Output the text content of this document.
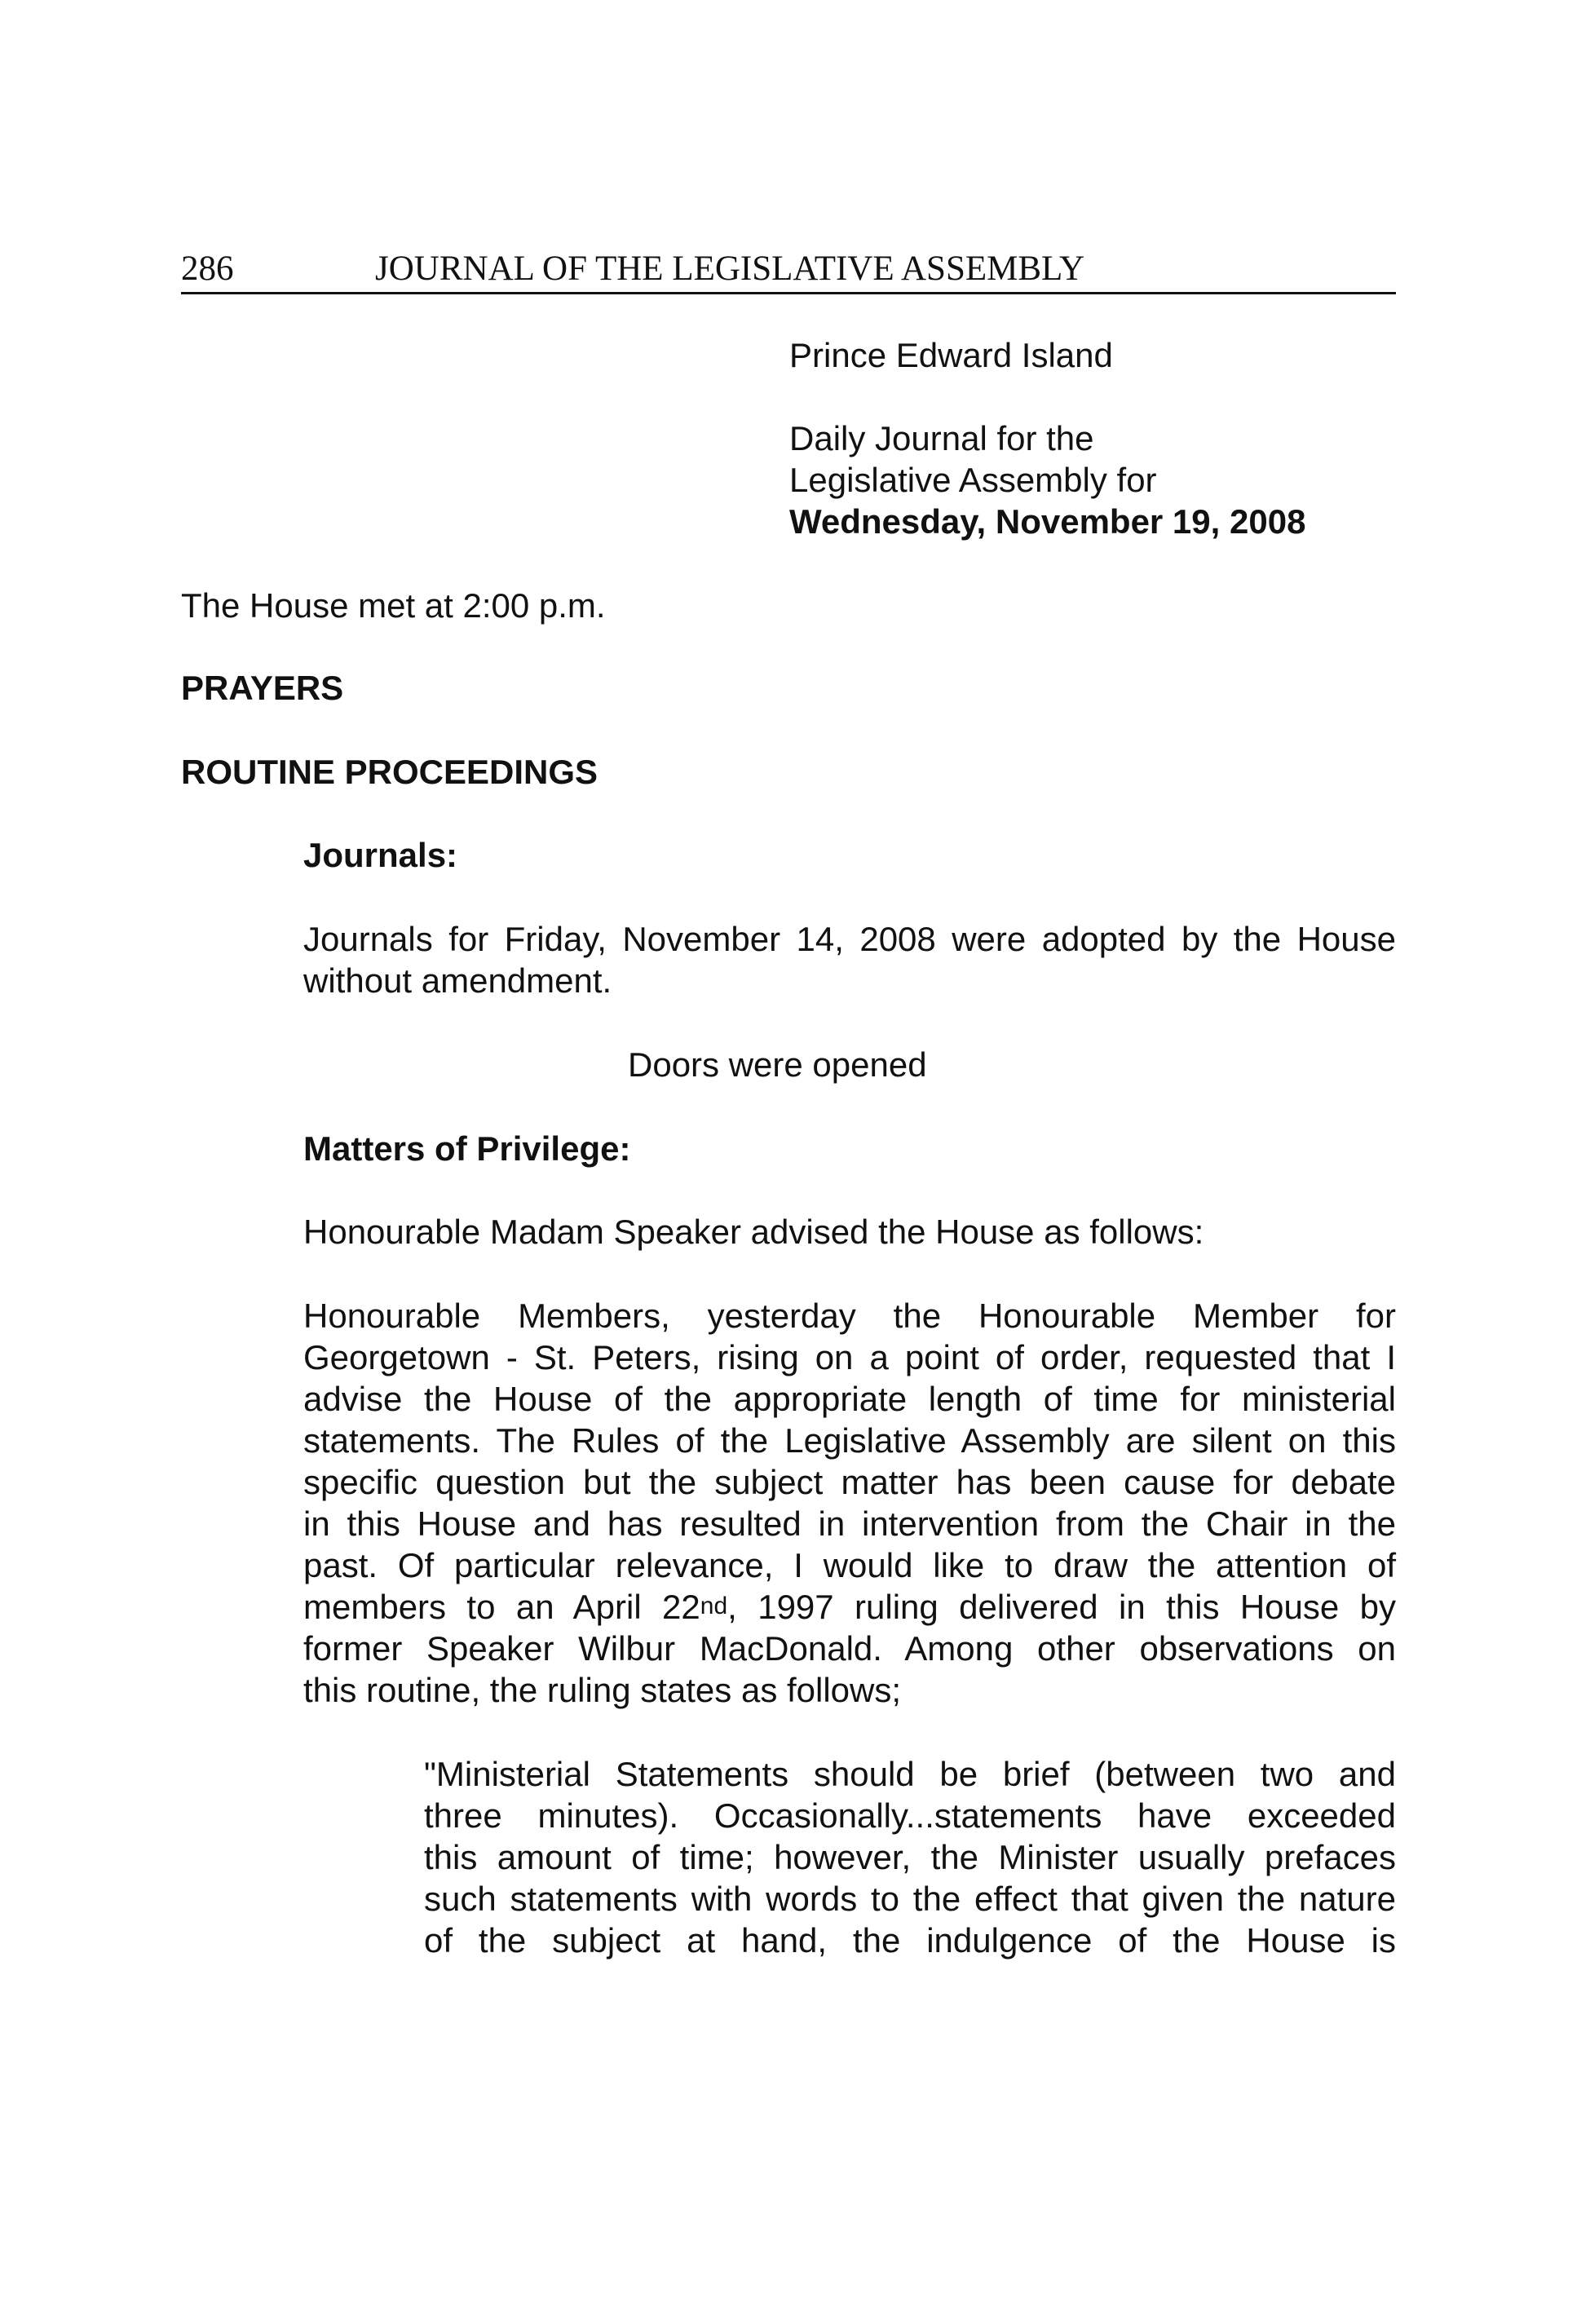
286	JOURNAL OF THE LEGISLATIVE ASSEMBLY
Prince Edward Island
Daily Journal for the
Legislative Assembly for
Wednesday, November 19, 2008
The House met at 2:00 p.m.
PRAYERS
ROUTINE PROCEEDINGS
Journals:
Journals for Friday, November 14, 2008 were adopted by the House
without amendment.
Doors were opened
Matters of Privilege:
Honourable Madam Speaker advised the House as follows:
Honourable Members, yesterday the Honourable Member for
Georgetown - St. Peters, rising on a point of order, requested that I
advise the House of the appropriate length of time for ministerial
statements. The Rules of the Legislative Assembly are silent on this
specific question but the subject matter has been cause for debate
in this House and has resulted in intervention from the Chair in the
past. Of particular relevance, I would like to draw the attention of
members to an April 22nd, 1997 ruling delivered in this House by
former Speaker Wilbur MacDonald. Among other observations on
this routine, the ruling states as follows;
"Ministerial Statements should be brief (between two and
three minutes). Occasionally...statements have exceeded
this amount of time; however, the Minister usually prefaces
such statements with words to the effect that given the nature
of the subject at hand, the indulgence of the House is
